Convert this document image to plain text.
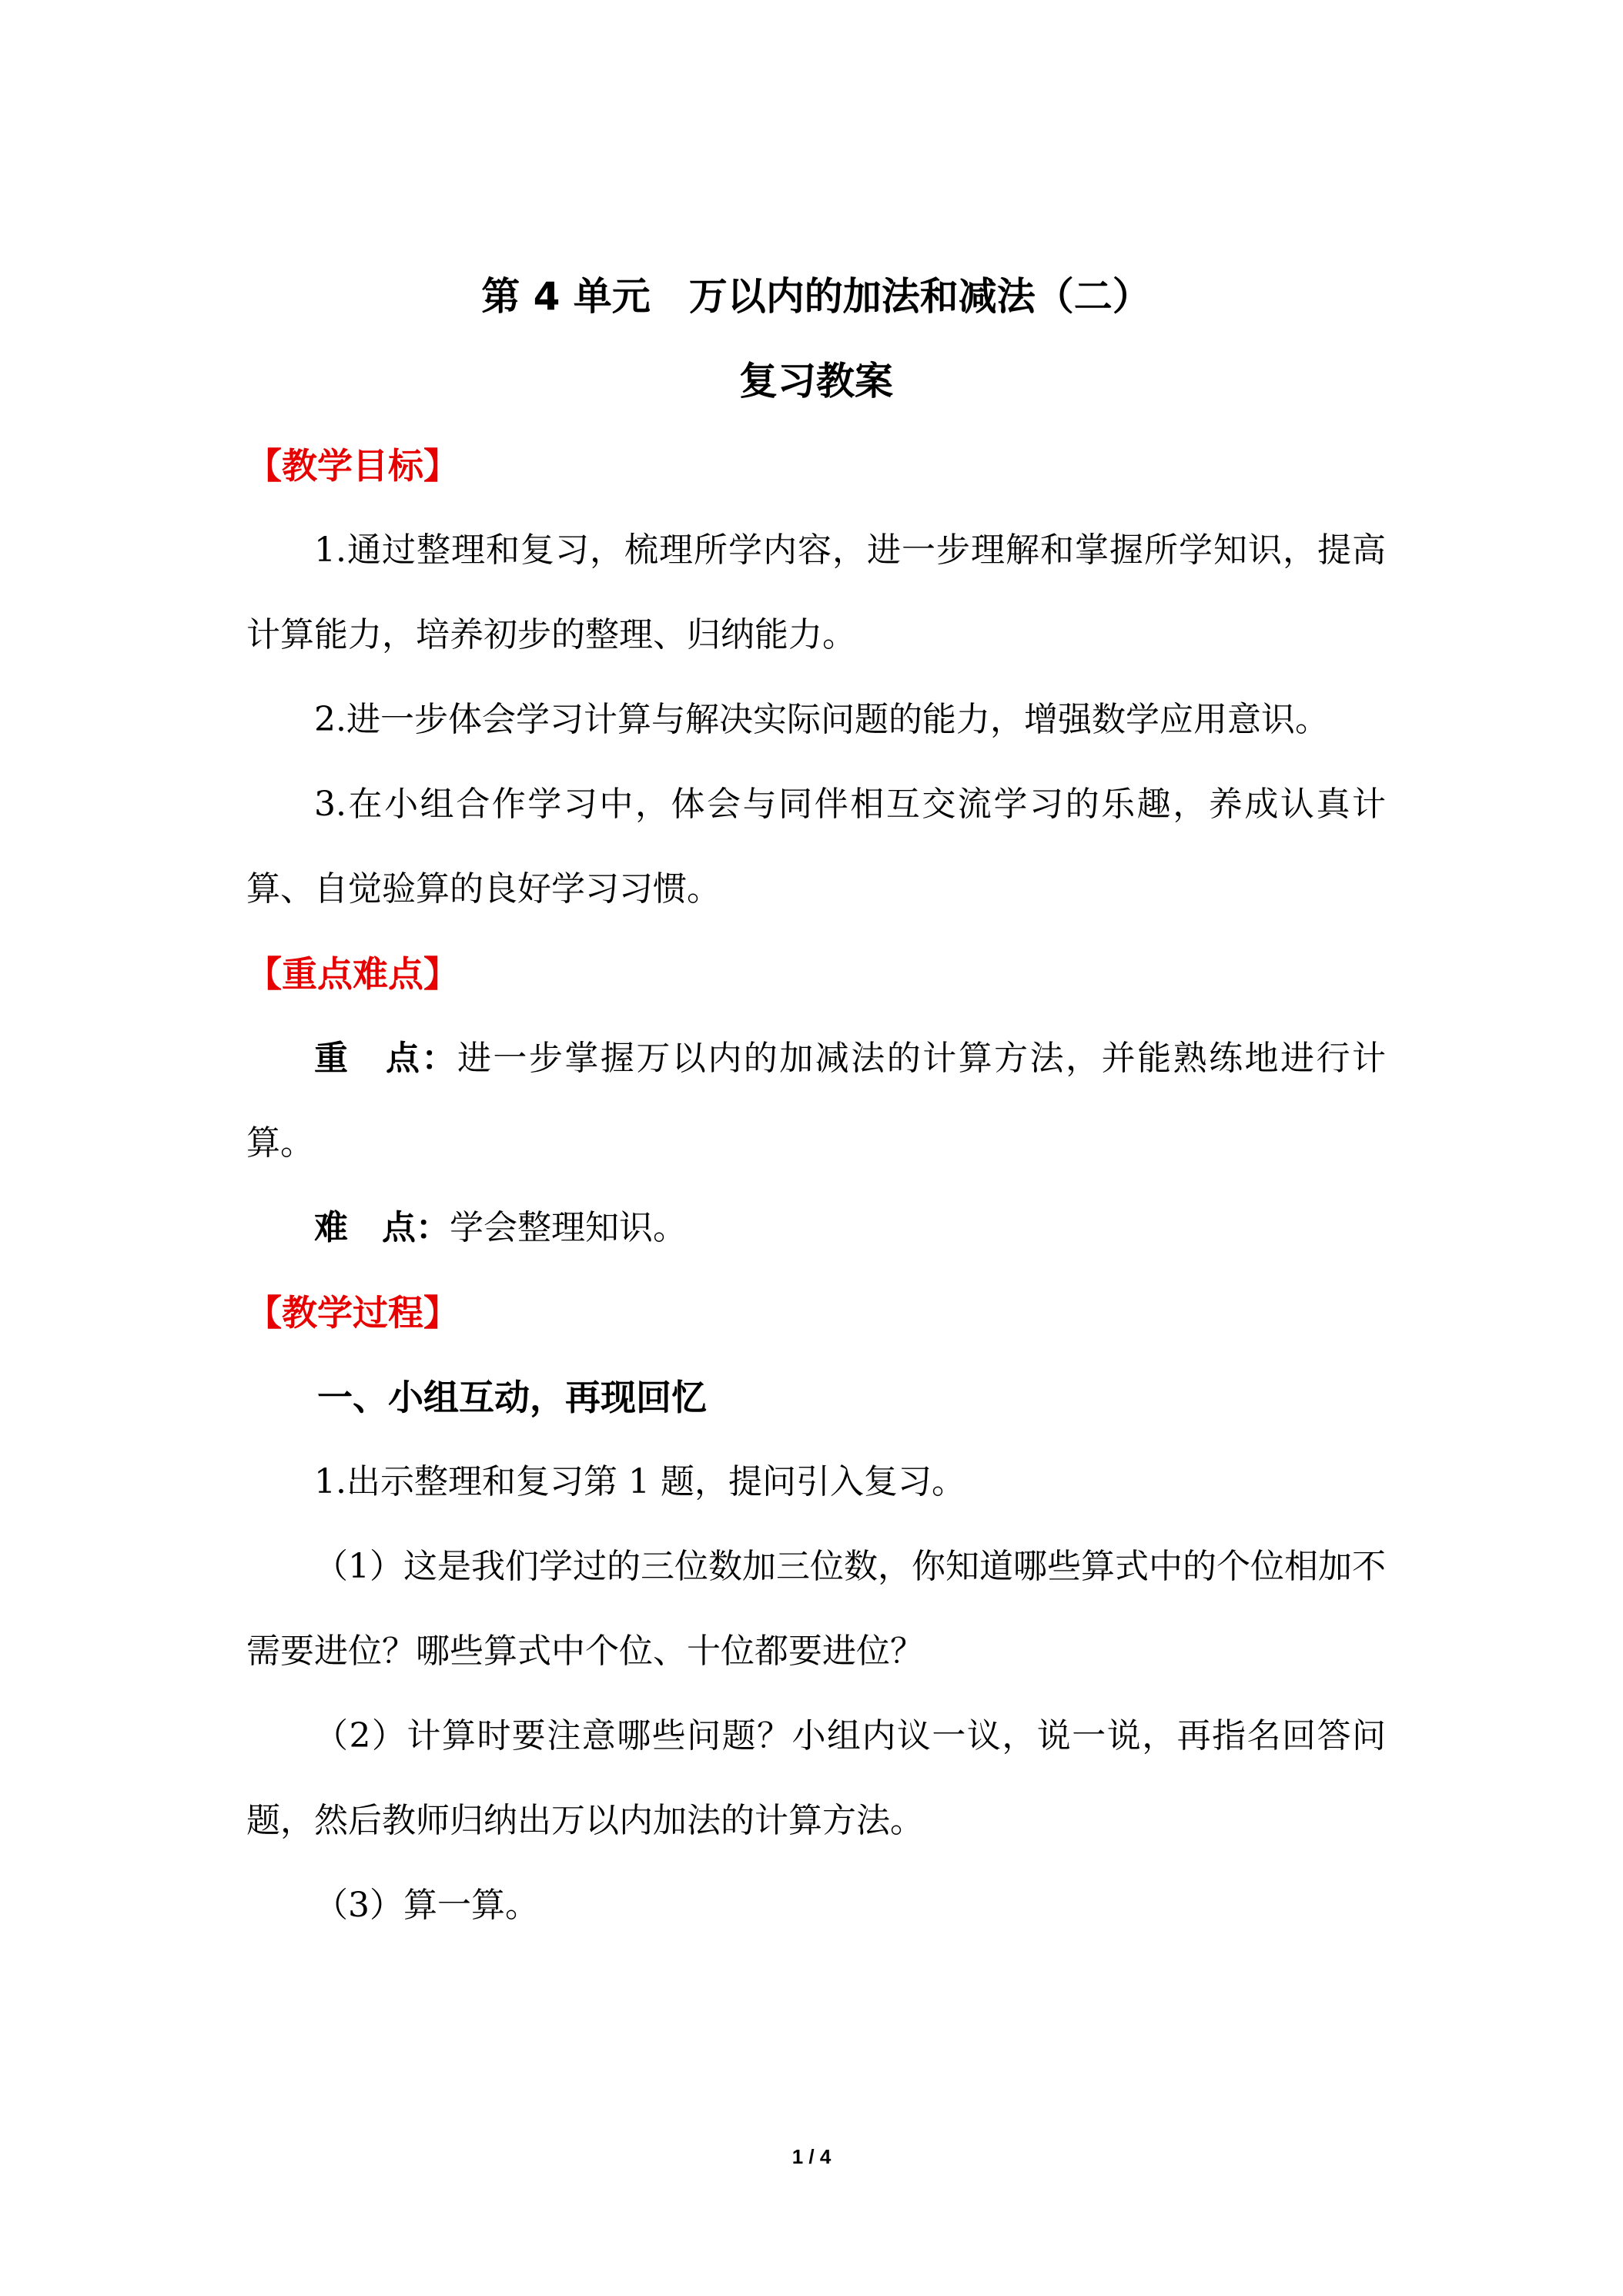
第 4 单元　万以内的加法和减法（二）

复习教案

【教学目标】

1.通过整理和复习，梳理所学内容，进一步理解和掌握所学知识，提高计算能力，培养初步的整理、归纳能力。

2.进一步体会学习计算与解决实际问题的能力，增强数学应用意识。

3.在小组合作学习中，体会与同伴相互交流学习的乐趣，养成认真计算、自觉验算的良好学习习惯。

【重点难点】

重　点：进一步掌握万以内的加减法的计算方法，并能熟练地进行计算。

难　点：学会整理知识。

【教学过程】

一、小组互动，再现回忆

1.出示整理和复习第 1 题，提问引入复习。

（1）这是我们学过的三位数加三位数，你知道哪些算式中的个位相加不需要进位？哪些算式中个位、十位都要进位？

（2）计算时要注意哪些问题？小组内议一议，说一说，再指名回答问题，然后教师归纳出万以内加法的计算方法。

（3）算一算。

1 / 4
